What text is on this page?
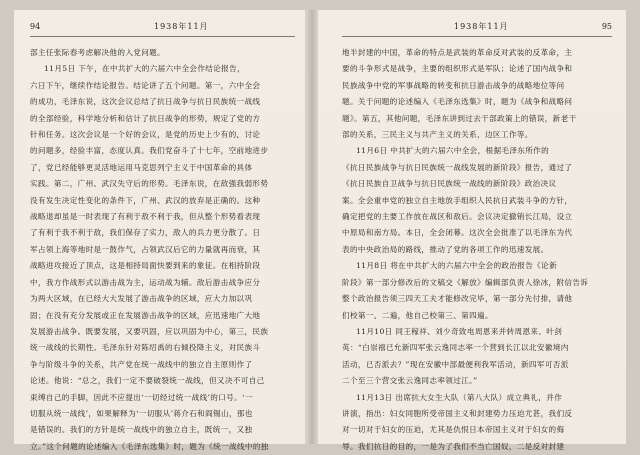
94	1938年11月
部主任张际春考虑解决他的入党问题。
11月5日 下午，在中共扩大的六届六中全会作结论报告，
六日下午，继续作结论报告。结论讲了五个问题。第一，六中全会
的成功，毛泽东说，这次会议总结了抗日战争与抗日民族统一战线
的全部经验，科学地分析和估计了抗日战争的形势，规定了党的方
针和任务。这次会议是一个好的会议，是党的历史上少有的，讨论
的问题多，经验丰富，态度认真。我们党奋斗了十七年，空前地进步
了，党已经能够更灵活地运用马克思列宁主义于中国革命的具体
实践。第二，广州、武汉失守后的形势。毛泽东说，在敌强我弱形势
没有发生决定性变化的条件下，广州、武汉的放弃是正确的。这种
战略退却虽是一时表现了有利于敌不利于我，但从整个形势看表现
了有利于我不利于敌，我们保存了实力，敌人的兵力更分散了。日
军占领上海等地时是一鼓作气，占领武汉后它的力量就再而衰，其
战略进攻接近了顶点，这是相持局面快要到来的象征。在相持阶段
中，我方作战形式以游击战为主，运动战为辅。敌后游击战争应分
为两大区域，在已经大大发展了游击战争的区域，应大力加以巩
固；在没有充分发展或正在发展游击战争的区域，应迅速地广大地
发展游击战争。既要发展，又要巩固，应以巩固为中心，第三，民族
统一战线的长期性。毛泽东针对陈绍禹的右倾投降主义，对民族斗
争与阶级斗争的关系，共产党在统一战线中的独立自主原则作了
论述。他说：“总之，我们一定不要破裂统一战线，但又决不可自己
束缚自己的手脚，因此不应提出‘一切经过统一战线’的口号。‘一
切服从统一战线’，如果解释为‘一切服从’蒋介石和阎锡山，那也
是错误的。我们的方针是统一战线中的独立自主，既统一，又独
立。”这个问题的论述编入《毛泽东选集》时，题为《统一战线中的独
1938年11月	95
地半封建的中国，革命的特点是武装的革命反对武装的反革命，主
要的斗争形式是战争，主要的组织形式是军队；论述了国内战争和
民族战争中党的军事战略的转变和抗日游击战争的战略地位等问
题。关于问题的论述编入《毛泽东选集》时，题为《战争和战略问
题》。第五，其他问题，毛泽东讲到过去干部政策上的错误，新老干
部的关系，三民主义与共产主义的关系，边区工作等。
11月6日 中共扩大的六届六中全会，根据毛泽东所作的
《抗日民族战争与抗日民族统一战线发展的新阶段》报告，通过了
《抗日民族自卫战争与抗日民族统一战线的新阶段》政治决议
案。全会重申党的独立自主地放手组织人民抗日武装斗争的方针，
确定把党的主要工作放在战区和敌后。会议决定撤销长江局，设立
中原局和南方局。本日，全会闭幕。这次全会批准了以毛泽东为代
表的中央政治局的路线，推动了党的各项工作的迅速发展。
11月8日 将在中共扩大的六届六中全会的政治报告《论新
阶段》第一部分修改后的文稿交《解放》编辑部负责人徐冰，附信告诉
整个政治报告须三四天工夫才能修改完毕，第一部分先付排，请他
们校第一、二遍，他自己校第三、第四遍。
11月10日 同王稼祥、刘少奇致电周恩来并转周恩来、叶剑
英：“白崇禧已允新四军张云逸同志率一个营到长江以北安徽境内
活动，已否派去？”现在安徽中部最便利我军活动，新四军可否派
二个至三个营交张云逸同志率领过江。”
11月13日 出席抗大女生大队（第八大队）成立典礼，并作
讲演，指出：妇女同胞所受帝国主义和封建势力压迫尤甚，我们反
对一切对于妇女的压迫，尤其是仇恨日本帝国主义对于妇女的侮
辱。我们抗日的目的，一是为了我们不当亡国奴，二是反对封建
